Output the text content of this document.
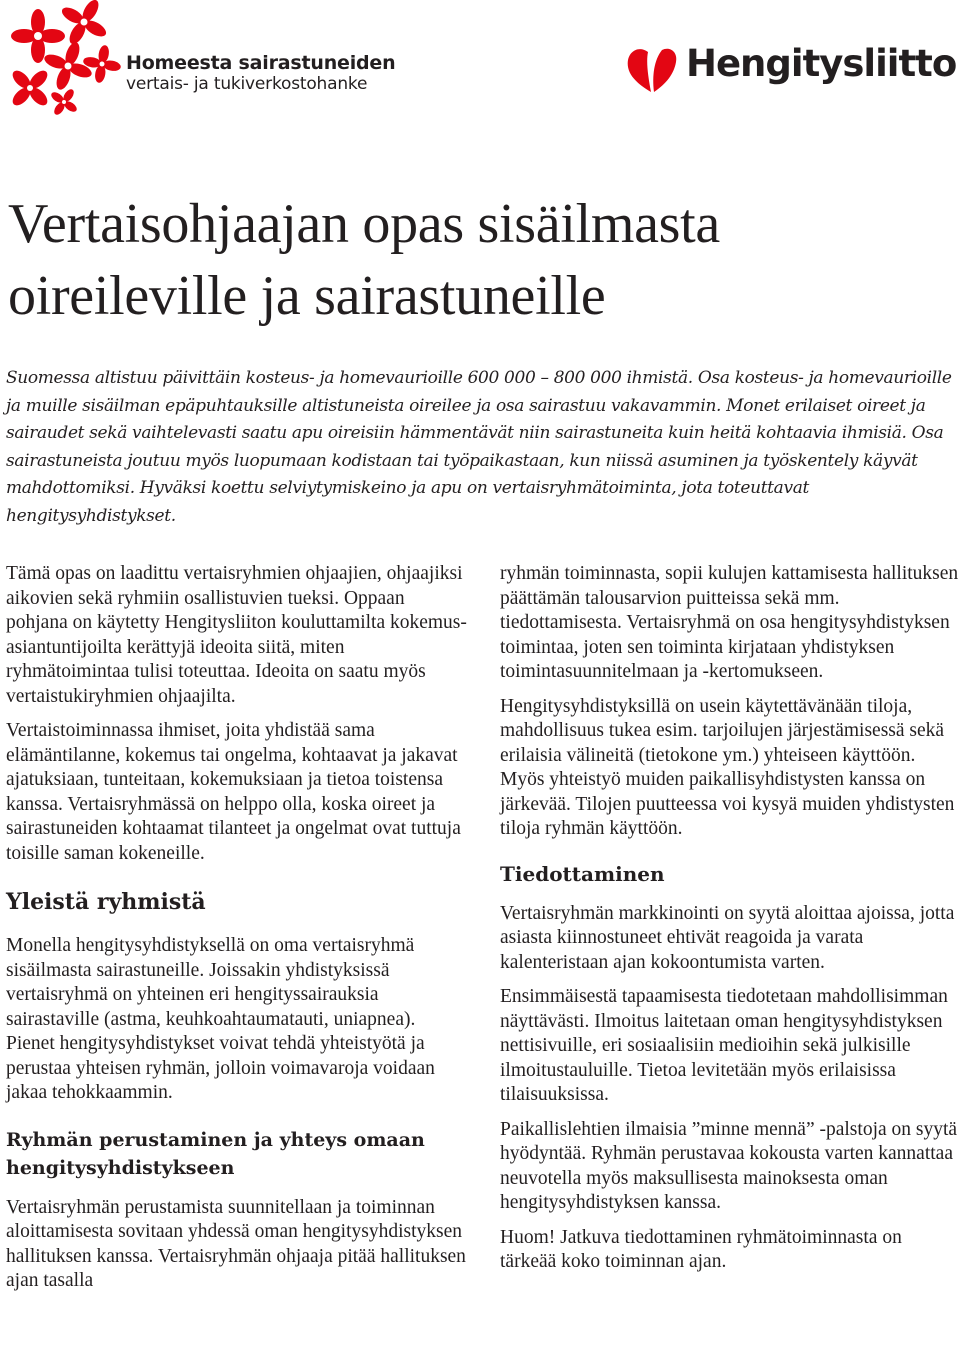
Homeesta sairastuneiden
vertais- ja tukiverkostohanke	Hengitysliitto
Vertaisohjaajan opas sisäilmasta oireileville ja sairastuneille

Suomessa altistuu päivittäin kosteus- ja homevaurioille 600 000 – 800 000 ihmistä. Osa kosteus- ja homevaurioille ja muille sisäilman epäpuhtauksille altistuneista oireilee ja osa sairastuu vakavammin. Monet erilaiset oireet ja sairaudet sekä vaihtelevasti saatu apu oireisiin hämmentävät niin sairastuneita kuin heitä kohtaavia ihmisiä. Osa sairastuneista joutuu myös luopumaan kodistaan tai työpaikastaan, kun niissä asuminen ja työskentely käyvät mahdottomiksi. Hyväksi koettu selviytymiskeino ja apu on vertaisryhmätoiminta, jota toteuttavat hengitysyhdistykset.

Tämä opas on laadittu vertaisryhmien ohjaajien, ohjaajiksi aikovien sekä ryhmiin osallistuvien tueksi. Oppaan pohjana on käytetty Hengitysliiton kouluttamilta kokemus-asiantuntijoilta kerättyjä ideoita siitä, miten ryhmätoimintaa tulisi toteuttaa. Ideoita on saatu myös vertaistukiryhmien ohjaajilta.

Vertaistoiminnassa ihmiset, joita yhdistää sama elämäntilanne, kokemus tai ongelma, kohtaavat ja jakavat ajatuksiaan, tunteitaan, kokemuksiaan ja tietoa toistensa kanssa. Vertaisryhmässä on helppo olla, koska oireet ja sairastuneiden kohtaamat tilanteet ja ongelmat ovat tuttuja toisille saman kokeneille.

Yleistä ryhmistä

Monella hengitysyhdistyksellä on oma vertaisryhmä sisäilmasta sairastuneille. Joissakin yhdistyksissä vertaisryhmä on yhteinen eri hengityssairauksia sairastaville (astma, keuhkoahtaumatauti, uniapnea). Pienet hengitysyhdistykset voivat tehdä yhteistyötä ja perustaa yhteisen ryhmän, jolloin voimavaroja voidaan jakaa tehokkaammin.

Ryhmän perustaminen ja yhteys omaan hengitysyhdistykseen

Vertaisryhmän perustamista suunnitellaan ja toiminnan aloittamisesta sovitaan yhdessä oman hengitysyhdistyksen hallituksen kanssa. Vertaisryhmän ohjaaja pitää hallituksen ajan tasalla

ryhmän toiminnasta, sopii kulujen kattamisesta hallituksen päättämän talousarvion puitteissa sekä mm. tiedottamisesta. Vertaisryhmä on osa hengitysyhdistyksen toimintaa, joten sen toiminta kirjataan yhdistyksen toimintasuunnitelmaan ja -kertomukseen.

Hengitysyhdistyksillä on usein käytettävänään tiloja, mahdollisuus tukea esim. tarjoilujen järjestämisessä sekä erilaisia välineitä (tietokone ym.) yhteiseen käyttöön. Myös yhteistyö muiden paikallisyhdistysten kanssa on järkevää. Tilojen puutteessa voi kysyä muiden yhdistysten tiloja ryhmän käyttöön.

Tiedottaminen

Vertaisryhmän markkinointi on syytä aloittaa ajoissa, jotta asiasta kiinnostuneet ehtivät reagoida ja varata kalenteristaan ajan kokoontumista varten.

Ensimmäisestä tapaamisesta tiedotetaan mahdollisimman näyttävästi. Ilmoitus laitetaan oman hengitysyhdistyksen nettisivuille, eri sosiaalisiin medioihin sekä julkisille ilmoitustauluille. Tietoa levitetään myös erilaisissa tilaisuuksissa.

Paikallislehtien ilmaisia ”minne mennä” -palstoja on syytä hyödyntää. Ryhmän perustavaa kokousta varten kannattaa neuvotella myös maksullisesta mainoksesta oman hengitysyhdistyksen kanssa.

Huom! Jatkuva tiedottaminen ryhmätoiminnasta on tärkeää koko toiminnan ajan.
